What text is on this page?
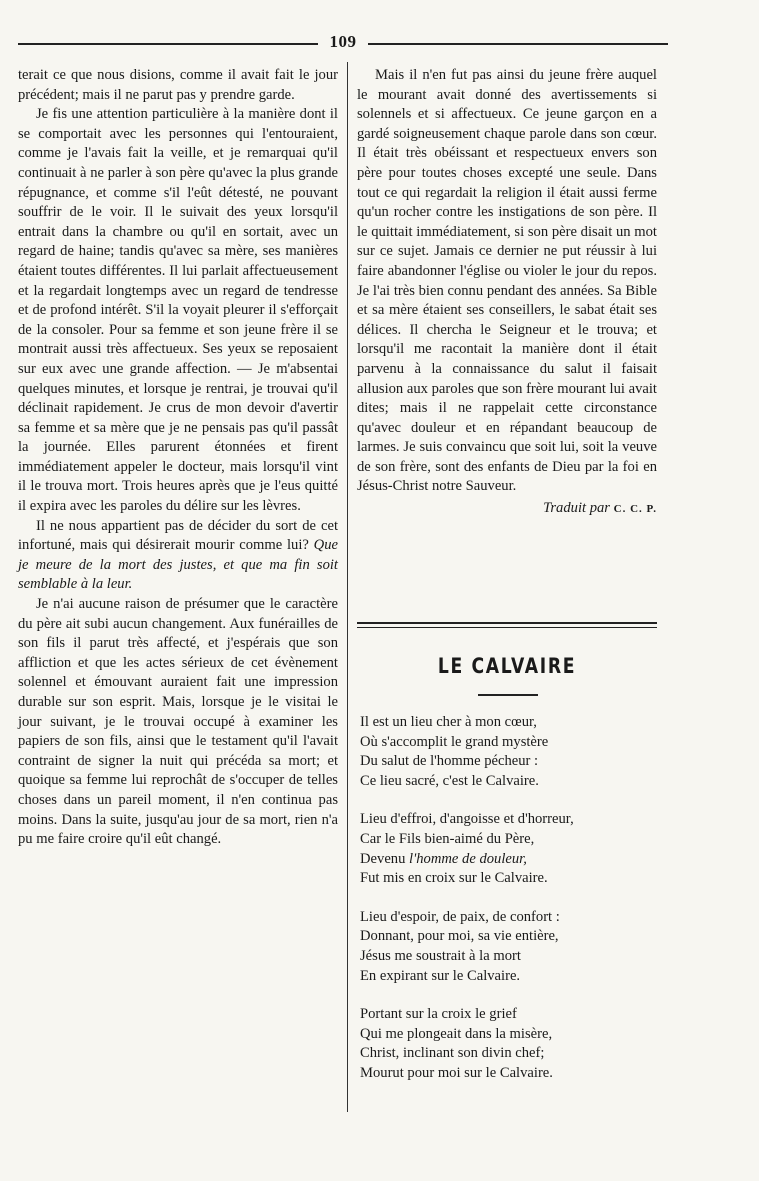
109

terait ce que nous disions, comme il avait fait le jour précédent; mais il ne parut pas y prendre garde.

Je fis une attention particulière à la manière dont il se comportait avec les personnes qui l'entouraient, comme je l'avais fait la veille, et je remarquai qu'il continuait à ne parler à son père qu'avec la plus grande répugnance, et comme s'il l'eût détesté, ne pouvant souffrir de le voir. Il le suivait des yeux lorsqu'il entrait dans la chambre ou qu'il en sortait, avec un regard de haine; tandis qu'avec sa mère, ses manières étaient toutes différentes. Il lui parlait affectueusement et la regardait longtemps avec un regard de tendresse et de profond intérêt. S'il la voyait pleurer il s'efforçait de la consoler. Pour sa femme et son jeune frère il se montrait aussi très affectueux. Ses yeux se reposaient sur eux avec une grande affection. — Je m'absentai quelques minutes, et lorsque je rentrai, je trouvai qu'il déclinait rapidement. Je crus de mon devoir d'avertir sa femme et sa mère que je ne pensais pas qu'il passât la journée. Elles parurent étonnées et firent immédiatement appeler le docteur, mais lorsqu'il vint il le trouva mort. Trois heures après que je l'eus quitté il expira avec les paroles du délire sur les lèvres.

Il ne nous appartient pas de décider du sort de cet infortuné, mais qui désirerait mourir comme lui? Que je meure de la mort des justes, et que ma fin soit semblable à la leur.

Je n'ai aucune raison de présumer que le caractère du père ait subi aucun changement. Aux funérailles de son fils il parut très affecté, et j'espérais que son affliction et que les actes sérieux de cet évènement solennel et émouvant auraient fait une impression durable sur son esprit. Mais, lorsque je le visitai le jour suivant, je le trouvai occupé à examiner les papiers de son fils, ainsi que le testament qu'il l'avait contraint de signer la nuit qui précéda sa mort; et quoique sa femme lui reprochât de s'occuper de telles choses dans un pareil moment, il n'en continua pas moins. Dans la suite, jusqu'au jour de sa mort, rien n'a pu me faire croire qu'il eût changé.

Mais il n'en fut pas ainsi du jeune frère auquel le mourant avait donné des avertissements si solennels et si affectueux. Ce jeune garçon en a gardé soigneusement chaque parole dans son cœur. Il était très obéissant et respectueux envers son père pour toutes choses excepté une seule. Dans tout ce qui regardait la religion il était aussi ferme qu'un rocher contre les instigations de son père. Il le quittait immédiatement, si son père disait un mot sur ce sujet. Jamais ce dernier ne put réussir à lui faire abandonner l'église ou violer le jour du repos. Je l'ai très bien connu pendant des années. Sa Bible et sa mère étaient ses conseillers, le sabat était ses délices. Il chercha le Seigneur et le trouva; et lorsqu'il me racontait la manière dont il était parvenu à la connaissance du salut il faisait allusion aux paroles que son frère mourant lui avait dites; mais il ne rappelait cette circonstance qu'avec douleur et en répandant beaucoup de larmes. Je suis convaincu que soit lui, soit la veuve de son frère, sont des enfants de Dieu par la foi en Jésus-Christ notre Sauveur.

Traduit par C. C. P.
LE CALVAIRE
Il est un lieu cher à mon cœur,
Où s'accomplit le grand mystère
Du salut de l'homme pécheur :
Ce lieu sacré, c'est le Calvaire.
Lieu d'effroi, d'angoisse et d'horreur,
Car le Fils bien-aimé du Père,
Devenu l'homme de douleur,
Fut mis en croix sur le Calvaire.
Lieu d'espoir, de paix, de confort :
Donnant, pour moi, sa vie entière,
Jésus me soustrait à la mort
En expirant sur le Calvaire.
Portant sur la croix le grief
Qui me plongeait dans la misère,
Christ, inclinant son divin chef;
Mourut pour moi sur le Calvaire.
